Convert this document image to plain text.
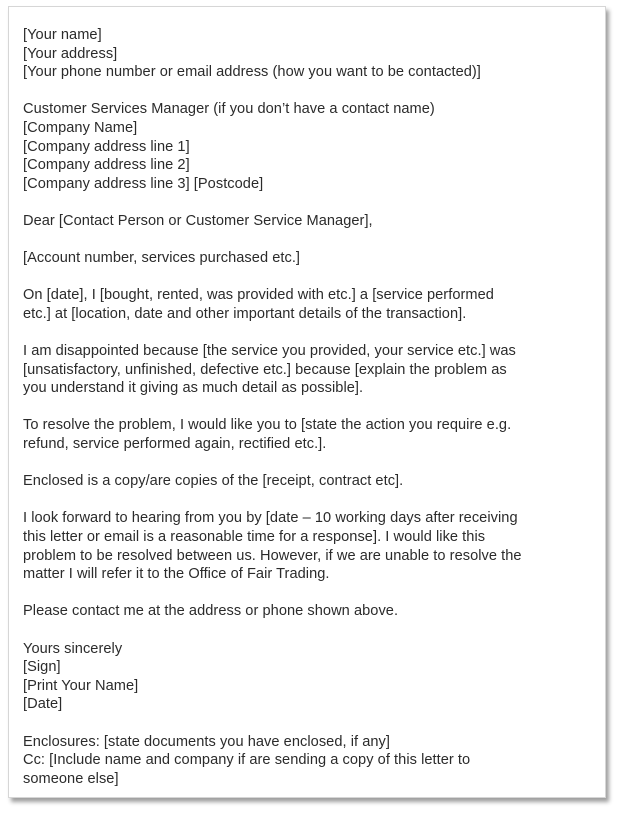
[Your name]
[Your address]
[Your phone number or email address (how you want to be contacted)]
Customer Services Manager (if you don’t have a contact name)
[Company Name]
[Company address line 1]
[Company address line 2]
[Company address line 3] [Postcode]
Dear [Contact Person or Customer Service Manager],
[Account number, services purchased etc.]
On [date], I [bought, rented, was provided with etc.] a [service performed
etc.] at [location, date and other important details of the transaction].
I am disappointed because [the service you provided, your service etc.] was
[unsatisfactory, unfinished, defective etc.] because [explain the problem as
you understand it giving as much detail as possible].
To resolve the problem, I would like you to [state the action you require e.g.
refund, service performed again, rectified etc.].
Enclosed is a copy/are copies of the [receipt, contract etc].
I look forward to hearing from you by [date – 10 working days after receiving
this letter or email is a reasonable time for a response]. I would like this
problem to be resolved between us. However, if we are unable to resolve the
matter I will refer it to the Office of Fair Trading.
Please contact me at the address or phone shown above.
Yours sincerely
[Sign]
[Print Your Name]
[Date]
Enclosures: [state documents you have enclosed, if any]
Cc: [Include name and company if are sending a copy of this letter to
someone else]
